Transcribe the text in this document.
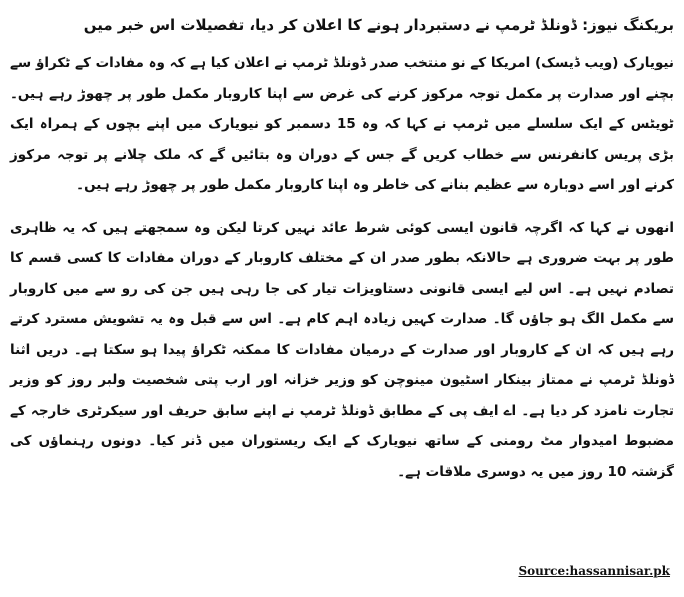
بریکنگ نیوز: ڈونلڈ ٹرمپ نے دستبردار ہونے کا اعلان کر دیا، تفصیلات اس خبر میں

نیویارک (ویب ڈیسک) امریکا کے نو منتخب صدر ڈونلڈ ٹرمپ نے اعلان کیا ہے کہ وہ مفادات کے ٹکراؤ سے بچنے اور صدارت پر مکمل توجہ مرکوز کرنے کی غرض سے اپنا کاروبار مکمل طور پر چھوڑ رہے ہیں۔ ٹویٹس کے ایک سلسلے میں ٹرمپ نے کہا کہ وہ 15 دسمبر کو نیویارک میں اپنے بچوں کے ہمراہ ایک بڑی پریس کانفرنس سے خطاب کریں گے جس کے دوران وہ بتائیں گے کہ ملک چلانے پر توجہ مرکوز کرنے اور اسے دوبارہ سے عظیم بنانے کی خاطر وہ اپنا کاروبار مکمل طور پر چھوڑ رہے ہیں۔

انھوں نے کہا کہ اگرچہ قانون ایسی کوئی شرط عائد نہیں کرتا لیکن وہ سمجھتے ہیں کہ یہ ظاہری طور پر بہت ضروری ہے حالانکہ بطور صدر ان کے مختلف کاروبار کے دوران مفادات کا کسی قسم کا تصادم نہیں ہے۔ اس لیے ایسی قانونی دستاویزات تیار کی جا رہی ہیں جن کی رو سے میں کاروبار سے مکمل الگ ہو جاؤں گا۔ صدارت کہیں زیادہ اہم کام ہے۔ اس سے قبل وہ یہ تشویش مسترد کرتے رہے ہیں کہ ان کے کاروبار اور صدارت کے درمیان مفادات کا ممکنہ ٹکراؤ پیدا ہو سکتا ہے۔ دریں اثنا ڈونلڈ ٹرمپ نے ممتاز بینکار اسٹیون مینوچن کو وزیر خزانہ اور ارب پتی شخصیت ولبر روز کو وزیر تجارت نامزد کر دیا ہے۔ اے ایف پی کے مطابق ڈونلڈ ٹرمپ نے اپنے سابق حریف اور سیکرٹری خارجہ کے مضبوط امیدوار مٹ رومنی کے ساتھ نیویارک کے ایک ریستوران میں ڈنر کیا۔ دونوں رہنماؤں کی گزشتہ 10 روز میں یہ دوسری ملاقات ہے۔

Source:hassannisar.pk
